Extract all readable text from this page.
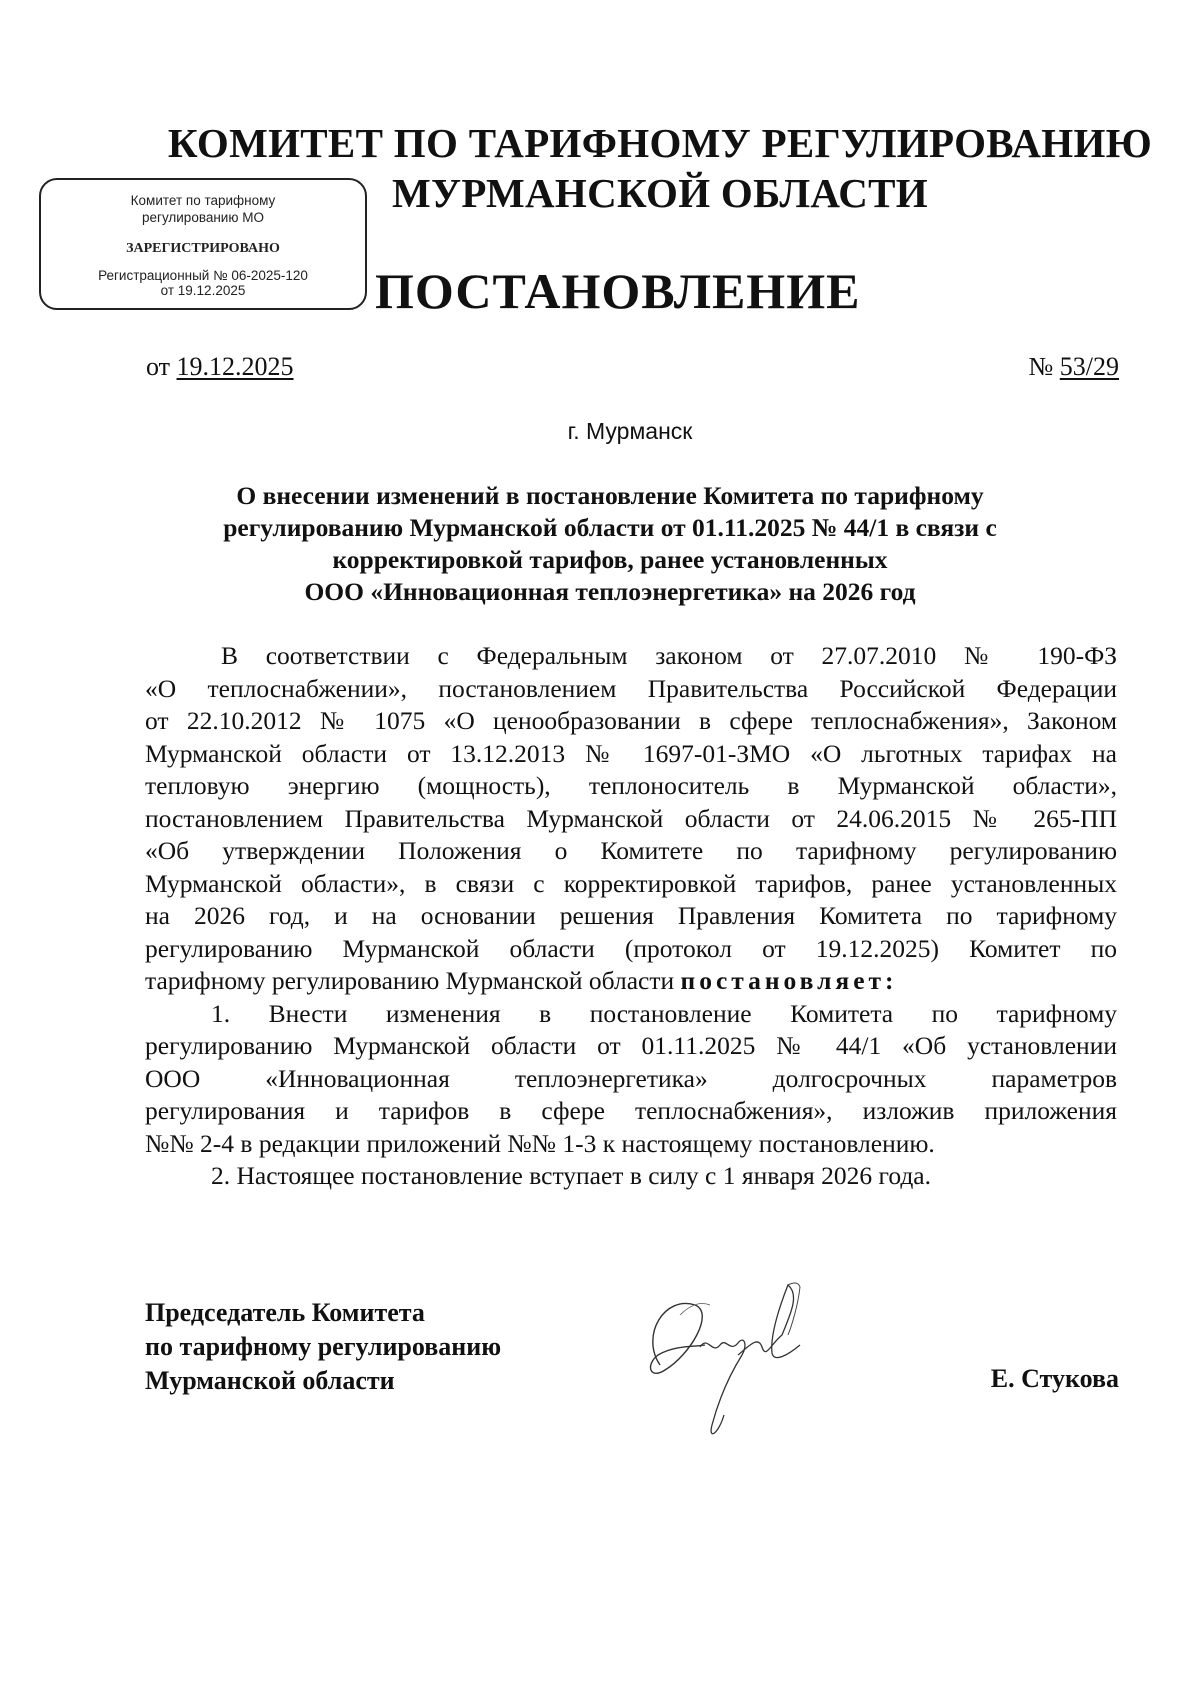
КОМИТЕТ ПО ТАРИФНОМУ РЕГУЛИРОВАНИЮ
МУРМАНСКОЙ ОБЛАСТИ
Комитет по тарифному регулированию МО
ЗАРЕГИСТРИРОВАНО
Регистрационный № 06-2025-120
от 19.12.2025	ПОСТАНОВЛЕНИЕ
от 19.12.2025	№ 53/29
г. Мурманск
О внесении изменений в постановление Комитета по тарифному
регулированию Мурманской области от 01.11.2025 № 44/1 в связи с
корректировкой тарифов, ранее установленных
ООО «Инновационная теплоэнергетика» на 2026 год
В соответствии с Федеральным законом от 27.07.2010 № 190-ФЗ
«О теплоснабжении», постановлением Правительства Российской Федерации
от 22.10.2012 № 1075 «О ценообразовании в сфере теплоснабжения», Законом
Мурманской области от 13.12.2013 № 1697-01-ЗМО «О льготных тарифах на
тепловую энергию (мощность), теплоноситель в Мурманской области»,
постановлением Правительства Мурманской области от 24.06.2015 № 265-ПП
«Об утверждении Положения о Комитете по тарифному регулированию
Мурманской области», в связи с корректировкой тарифов, ранее установленных
на 2026 год, и на основании решения Правления Комитета по тарифному
регулированию Мурманской области (протокол от 19.12.2025) Комитет по
тарифному регулированию Мурманской области постановляет:
1. Внести изменения в постановление Комитета по тарифному
регулированию Мурманской области от 01.11.2025 № 44/1 «Об установлении
ООО «Инновационная теплоэнергетика» долгосрочных параметров
регулирования и тарифов в сфере теплоснабжения», изложив приложения
№№ 2-4 в редакции приложений №№ 1-3 к настоящему постановлению.
2. Настоящее постановление вступает в силу с 1 января 2026 года.
Председатель Комитета
по тарифному регулированию
Мурманской области	Е. Стукова
